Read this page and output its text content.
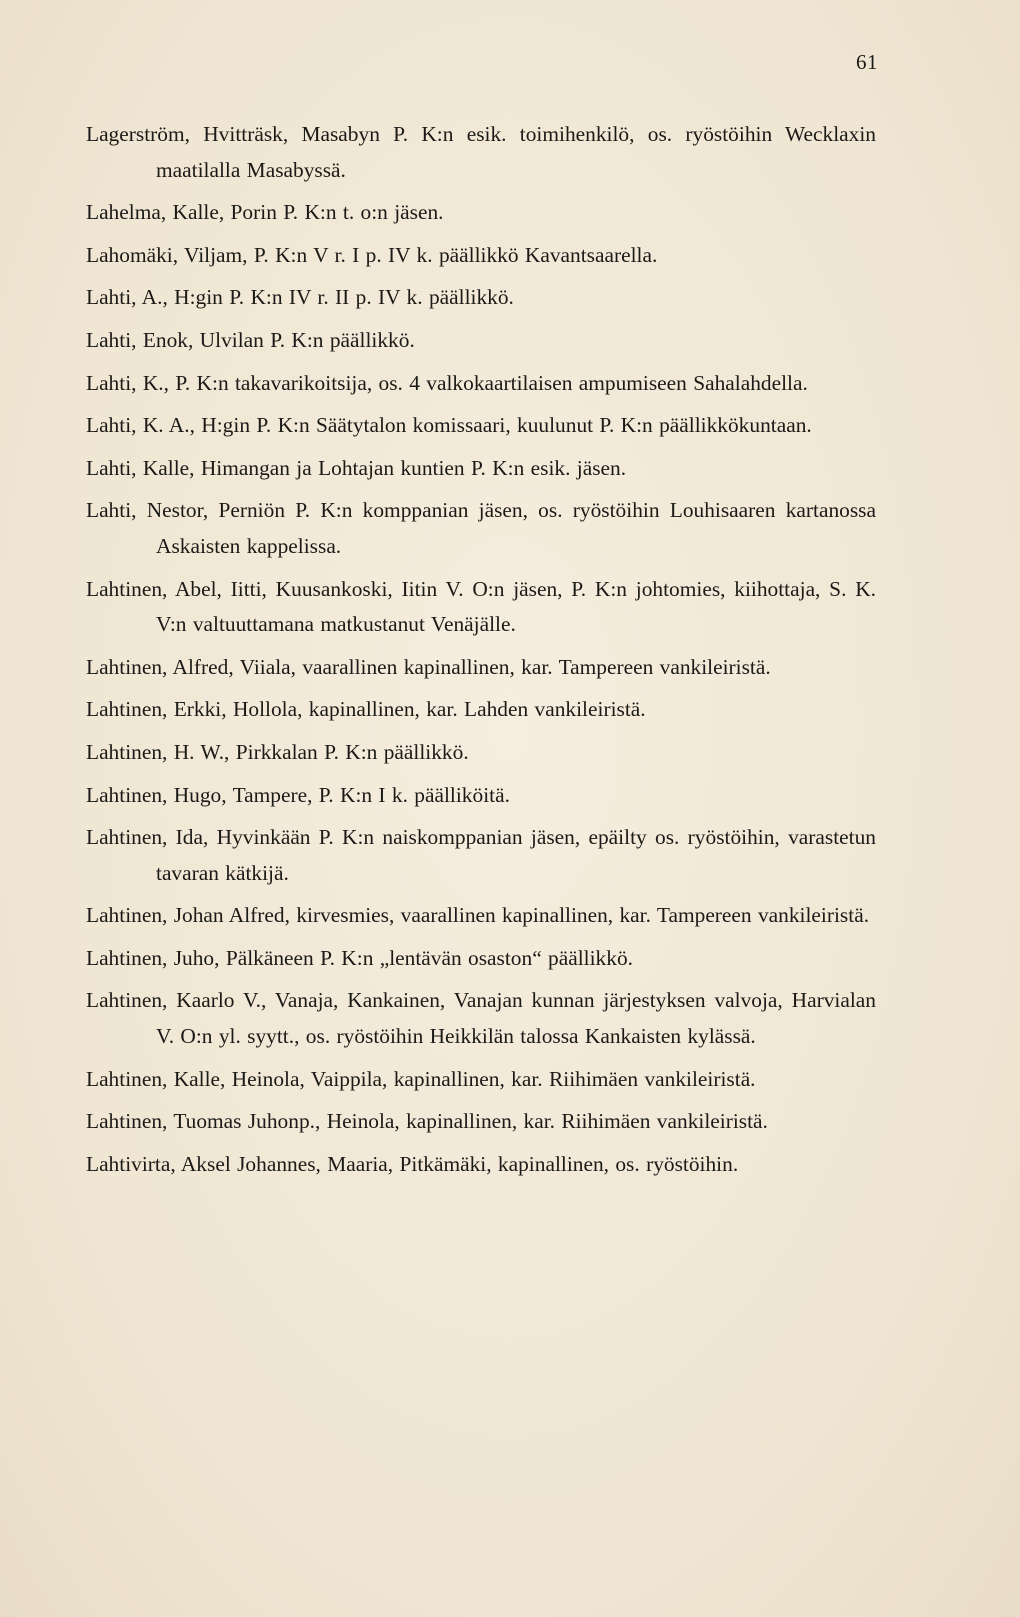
61
Lagerström, Hvitträsk, Masabyn P. K:n esik. toimihenkilö, os. ryöstöihin Wecklaxin maatilalla Masabyssä.
Lahelma, Kalle, Porin P. K:n t. o:n jäsen.
Lahomäki, Viljam, P. K:n V r. I p. IV k. päällikkö Kavantsaarella.
Lahti, A., H:gin P. K:n IV r. II p. IV k. päällikkö.
Lahti, Enok, Ulvilan P. K:n päällikkö.
Lahti, K., P. K:n takavarikoitsija, os. 4 valkokaartilaisen ampumiseen Sahalahdella.
Lahti, K. A., H:gin P. K:n Säätytalon komissaari, kuulunut P. K:n päällikkökuntaan.
Lahti, Kalle, Himangan ja Lohtajan kuntien P. K:n esik. jäsen.
Lahti, Nestor, Perniön P. K:n komppanian jäsen, os. ryöstöihin Louhisaaren kartanossa Askaisten kappelissa.
Lahtinen, Abel, Iitti, Kuusankoski, Iitin V. O:n jäsen, P. K:n johtomies, kiihottaja, S. K. V:n valtuuttamana matkustanut Venäjälle.
Lahtinen, Alfred, Viiala, vaarallinen kapinallinen, kar. Tampereen vankileiristä.
Lahtinen, Erkki, Hollola, kapinallinen, kar. Lahden vankileiristä.
Lahtinen, H. W., Pirkkalan P. K:n päällikkö.
Lahtinen, Hugo, Tampere, P. K:n I k. päälliköitä.
Lahtinen, Ida, Hyvinkään P. K:n naiskomppanian jäsen, epäilty os. ryöstöihin, varastetun tavaran kätkijä.
Lahtinen, Johan Alfred, kirvesmies, vaarallinen kapinallinen, kar. Tampereen vankileiristä.
Lahtinen, Juho, Pälkäneen P. K:n „lentävän osaston“ päällikkö.
Lahtinen, Kaarlo V., Vanaja, Kankainen, Vanajan kunnan järjestyksen valvoja, Harvialan V. O:n yl. syytt., os. ryöstöihin Heikkilän talossa Kankaisten kylässä.
Lahtinen, Kalle, Heinola, Vaippila, kapinallinen, kar. Riihimäen vankileiristä.
Lahtinen, Tuomas Juhonp., Heinola, kapinallinen, kar. Riihimäen vankileiristä.
Lahtivirta, Aksel Johannes, Maaria, Pitkämäki, kapinallinen, os. ryöstöihin.
